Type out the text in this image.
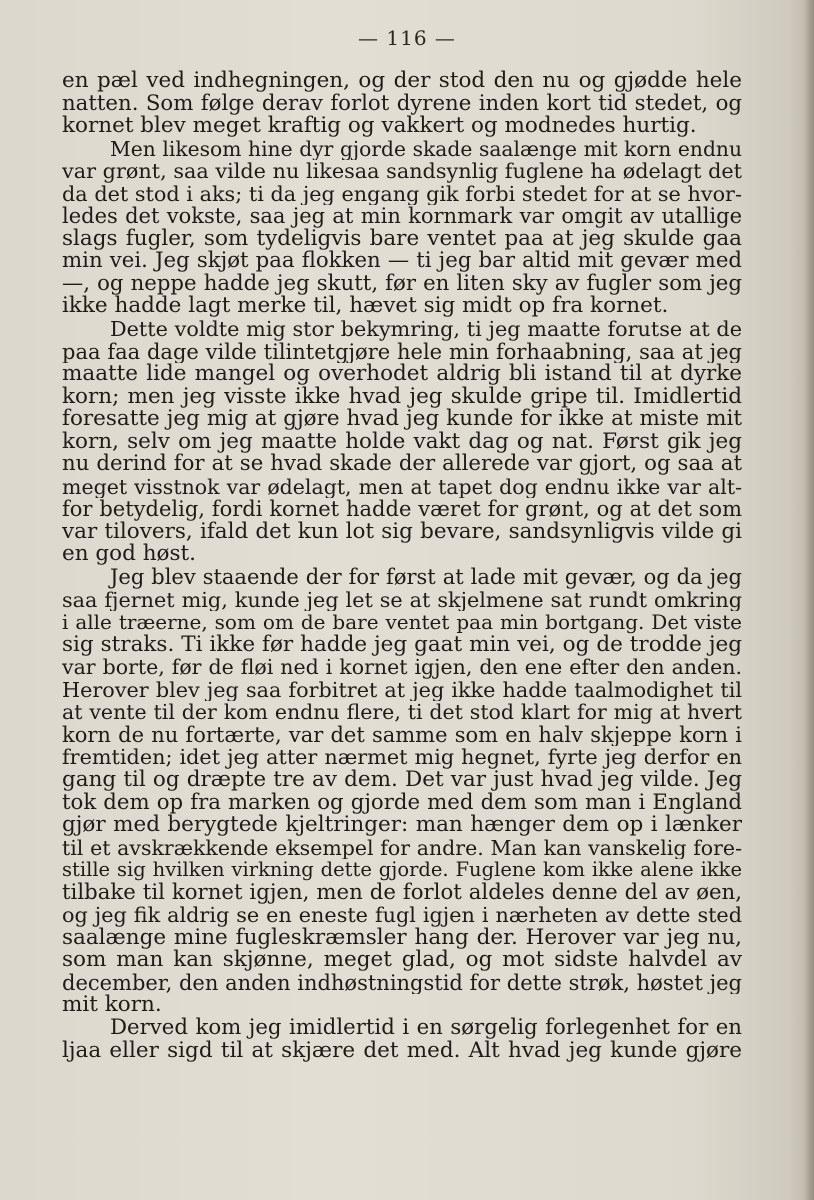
— 116 —
en pæl ved indhegningen, og der stod den nu og gjødde hele
natten. Som følge derav forlot dyrene inden kort tid stedet, og
kornet blev meget kraftig og vakkert og modnedes hurtig.
Men likesom hine dyr gjorde skade saalænge mit korn endnu
var grønt, saa vilde nu likesaa sandsynlig fuglene ha ødelagt det
da det stod i aks; ti da jeg engang gik forbi stedet for at se hvor-
ledes det vokste, saa jeg at min kornmark var omgit av utallige
slags fugler, som tydeligvis bare ventet paa at jeg skulde gaa
min vei. Jeg skjøt paa flokken — ti jeg bar altid mit gevær med
—, og neppe hadde jeg skutt, før en liten sky av fugler som jeg
ikke hadde lagt merke til, hævet sig midt op fra kornet.
Dette voldte mig stor bekymring, ti jeg maatte forutse at de
paa faa dage vilde tilintetgjøre hele min forhaabning, saa at jeg
maatte lide mangel og overhodet aldrig bli istand til at dyrke
korn; men jeg visste ikke hvad jeg skulde gripe til. Imidlertid
foresatte jeg mig at gjøre hvad jeg kunde for ikke at miste mit
korn, selv om jeg maatte holde vakt dag og nat. Først gik jeg
nu derind for at se hvad skade der allerede var gjort, og saa at
meget visstnok var ødelagt, men at tapet dog endnu ikke var alt-
for betydelig, fordi kornet hadde været for grønt, og at det som
var tilovers, ifald det kun lot sig bevare, sandsynligvis vilde gi
en god høst.
Jeg blev staaende der for først at lade mit gevær, og da jeg
saa fjernet mig, kunde jeg let se at skjelmene sat rundt omkring
i alle træerne, som om de bare ventet paa min bortgang. Det viste
sig straks. Ti ikke før hadde jeg gaat min vei, og de trodde jeg
var borte, før de fløi ned i kornet igjen, den ene efter den anden.
Herover blev jeg saa forbitret at jeg ikke hadde taalmodighet til
at vente til der kom endnu flere, ti det stod klart for mig at hvert
korn de nu fortærte, var det samme som en halv skjeppe korn i
fremtiden; idet jeg atter nærmet mig hegnet, fyrte jeg derfor en
gang til og dræpte tre av dem. Det var just hvad jeg vilde. Jeg
tok dem op fra marken og gjorde med dem som man i England
gjør med berygtede kjeltringer: man hænger dem op i lænker
til et avskrækkende eksempel for andre. Man kan vanskelig fore-
stille sig hvilken virkning dette gjorde. Fuglene kom ikke alene ikke
tilbake til kornet igjen, men de forlot aldeles denne del av øen,
og jeg fik aldrig se en eneste fugl igjen i nærheten av dette sted
saalænge mine fugleskræmsler hang der. Herover var jeg nu,
som man kan skjønne, meget glad, og mot sidste halvdel av
december, den anden indhøstningstid for dette strøk, høstet jeg
mit korn.
Derved kom jeg imidlertid i en sørgelig forlegenhet for en
ljaa eller sigd til at skjære det med. Alt hvad jeg kunde gjøre
